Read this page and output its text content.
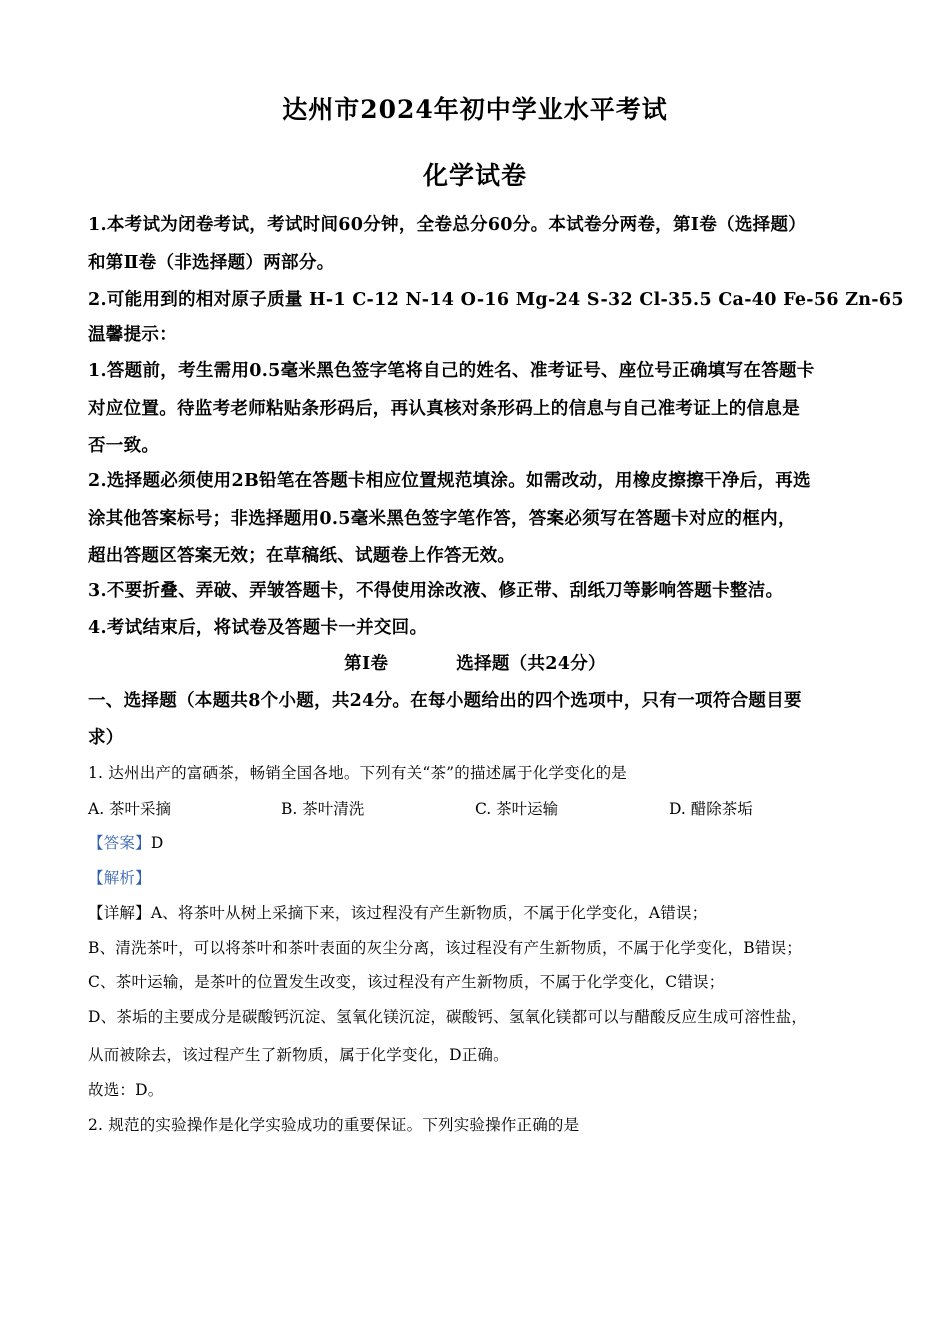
达州市2024年初中学业水平考试
化学试卷
1.本考试为闭卷考试，考试时间60分钟，全卷总分60分。本试卷分两卷，第Ⅰ卷（选择题）
和第Ⅱ卷（非选择题）两部分。
2.可能用到的相对原子质量 H-1 C-12 N-14 O-16 Mg-24 S-32 Cl-35.5 Ca-40 Fe-56 Zn-65
温馨提示：
1.答题前，考生需用0.5毫米黑色签字笔将自己的姓名、准考证号、座位号正确填写在答题卡
对应位置。待监考老师粘贴条形码后，再认真核对条形码上的信息与自己准考证上的信息是
否一致。
2.选择题必须使用2B铅笔在答题卡相应位置规范填涂。如需改动，用橡皮擦擦干净后，再选
涂其他答案标号；非选择题用0.5毫米黑色签字笔作答，答案必须写在答题卡对应的框内，
超出答题区答案无效；在草稿纸、试题卷上作答无效。
3.不要折叠、弄破、弄皱答题卡，不得使用涂改液、修正带、刮纸刀等影响答题卡整洁。
4.考试结束后，将试卷及答题卡一并交回。
第Ⅰ卷	选择题（共24分）
一、选择题（本题共8个小题，共24分。在每小题给出的四个选项中，只有一项符合题目要
求）
1. 达州出产的富硒茶，畅销全国各地。下列有关“茶”的描述属于化学变化的是
A. 茶叶采摘	B. 茶叶清洗	C. 茶叶运输	D. 醋除茶垢
【答案】D
【解析】
【详解】A、将茶叶从树上采摘下来，该过程没有产生新物质，不属于化学变化，A错误；
B、清洗茶叶，可以将茶叶和茶叶表面的灰尘分离，该过程没有产生新物质，不属于化学变化，B错误；
C、茶叶运输，是茶叶的位置发生改变，该过程没有产生新物质，不属于化学变化，C错误；
D、茶垢的主要成分是碳酸钙沉淀、氢氧化镁沉淀，碳酸钙、氢氧化镁都可以与醋酸反应生成可溶性盐，
从而被除去，该过程产生了新物质，属于化学变化，D正确。
故选：D。
2. 规范的实验操作是化学实验成功的重要保证。下列实验操作正确的是
